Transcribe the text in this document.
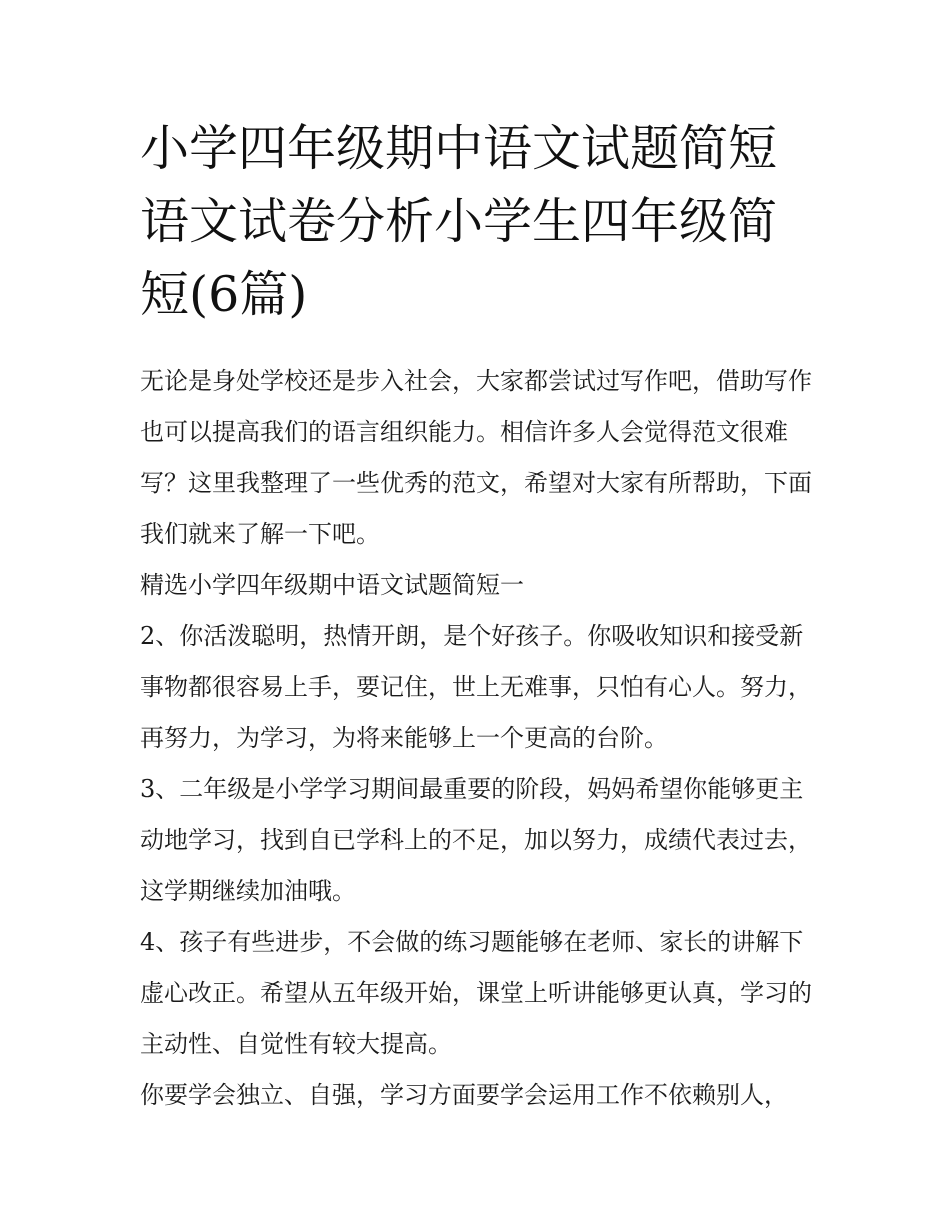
小学四年级期中语文试题简短语文试卷分析小学生四年级简短(6篇)

无论是身处学校还是步入社会，大家都尝试过写作吧，借助写作也可以提高我们的语言组织能力。相信许多人会觉得范文很难写？这里我整理了一些优秀的范文，希望对大家有所帮助，下面我们就来了解一下吧。

精选小学四年级期中语文试题简短一

2、你活泼聪明，热情开朗，是个好孩子。你吸收知识和接受新事物都很容易上手，要记住，世上无难事，只怕有心人。努力，再努力，为学习，为将来能够上一个更高的台阶。

3、二年级是小学学习期间最重要的阶段，妈妈希望你能够更主动地学习，找到自已学科上的不足，加以努力，成绩代表过去，这学期继续加油哦。

4、孩子有些进步，不会做的练习题能够在老师、家长的讲解下虚心改正。希望从五年级开始，课堂上听讲能够更认真，学习的主动性、自觉性有较大提高。

你要学会独立、自强，学习方面要学会运用工作不依赖别人，
